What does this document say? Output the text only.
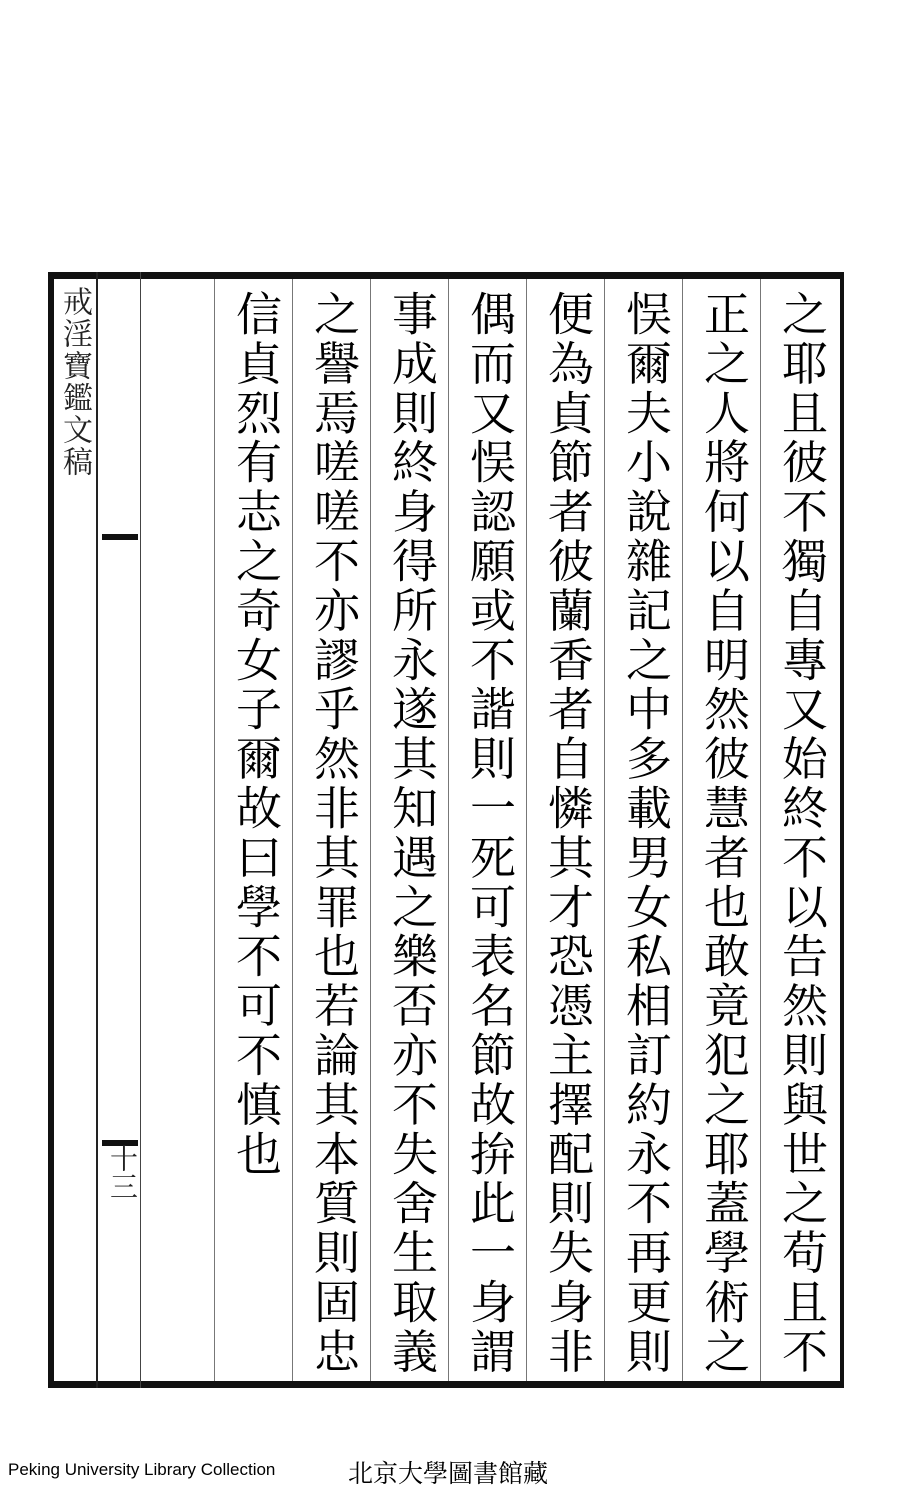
戒淫寶鑑文稿
十三	之耶且彼不獨自專又始終不以告然則與世之苟且不
正之人將何以自明然彼慧者也敢竟犯之耶蓋學術之
悮爾夫小說雜記之中多載男女私相訂約永不再更則
便為貞節者彼蘭香者自憐其才恐憑主擇配則失身非
偶而又悮認願或不諧則一死可表名節故拚此一身謂
事成則終身得所永遂其知遇之樂否亦不失舍生取義
之譽焉嗟嗟不亦謬乎然非其罪也若論其本質則固忠
信貞烈有志之奇女子爾故曰學不可不慎也
Peking University Library Collection	北京大學圖書館藏
